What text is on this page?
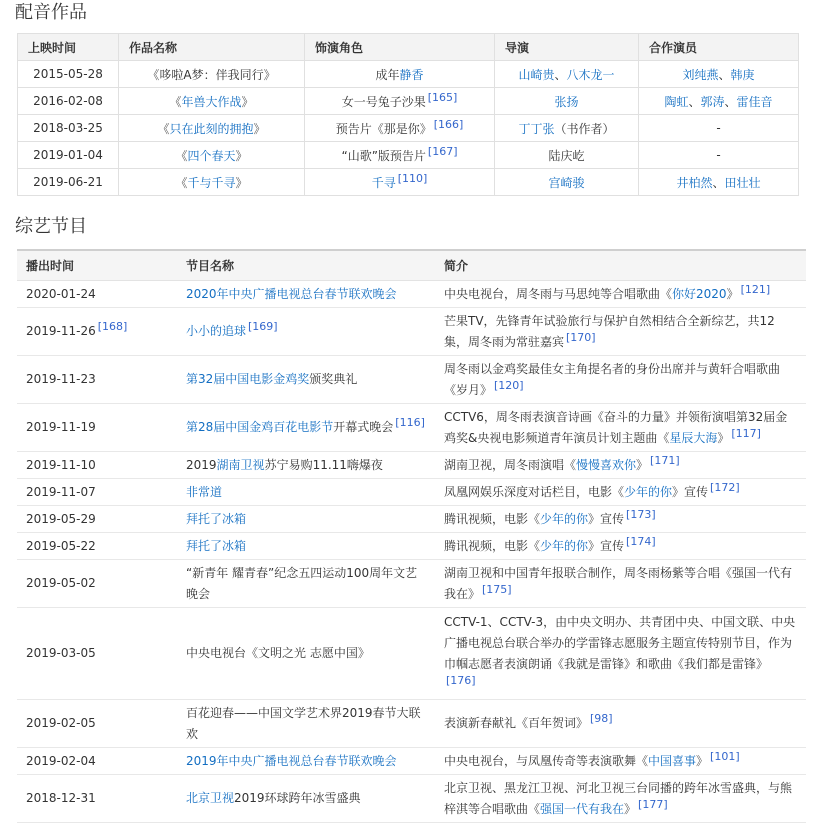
配音作品
上映时间	作品名称	饰演角色	导演	合作演员
2015-05-28	《哆啦A梦：伴我同行》	成年静香	山崎贵、八木龙一	刘纯燕、韩庚
2016-02-08	《年兽大作战》	女一号兔子沙果 [165]	张扬	陶虹、郭涛、雷佳音
2018-03-25	《只在此刻的拥抱》	预告片《那是你》 [166]	丁丁张（书作者）	-
2019-01-04	《四个春天》	“山歌”版预告片 [167]	陆庆屹	-
2019-06-21	《千与千寻》	千寻 [110]	宫崎骏	井柏然、田壮壮
综艺节目
播出时间	节目名称	简介
2020-01-24	2020年中央广播电视总台春节联欢晚会	中央电视台，周冬雨与马思纯等合唱歌曲《你好2020》 [121]
2019-11-26 [168]	小小的追球 [169]	芒果TV，先锋青年试验旅行与保护自然相结合全新综艺，共12集，周冬雨为常驻嘉宾 [170]
2019-11-23	第32届中国电影金鸡奖颁奖典礼	周冬雨以金鸡奖最佳女主角提名者的身份出席并与黄轩合唱歌曲《岁月》 [120]
2019-11-19	第28届中国金鸡百花电影节开幕式晚会 [116]	CCTV6，周冬雨表演音诗画《奋斗的力量》并领衔演唱第32届金鸡奖&央视电影频道青年演员计划主题曲《星辰大海》 [117]
2019-11-10	2019湖南卫视苏宁易购11.11嗨爆夜	湖南卫视，周冬雨演唱《慢慢喜欢你》 [171]
2019-11-07	非常道	凤凰网娱乐深度对话栏目，电影《少年的你》宣传 [172]
2019-05-29	拜托了冰箱	腾讯视频，电影《少年的你》宣传 [173]
2019-05-22	拜托了冰箱	腾讯视频，电影《少年的你》宣传 [174]
2019-05-02	“新青年 耀青春”纪念五四运动100周年文艺晚会	湖南卫视和中国青年报联合制作，周冬雨杨紫等合唱《强国一代有我在》 [175]
2019-03-05	中央电视台《文明之光 志愿中国》	CCTV-1、CCTV-3，由中央文明办、共青团中央、中国文联、中央广播电视总台联合举办的学雷锋志愿服务主题宣传特别节目，作为巾帼志愿者表演朗诵《我就是雷锋》和歌曲《我们都是雷锋》[176]
2019-02-05	百花迎春——中国文学艺术界2019春节大联欢	表演新春献礼《百年贺词》 [98]
2019-02-04	2019年中央广播电视总台春节联欢晚会	中央电视台，与凤凰传奇等表演歌舞《中国喜事》 [101]
2018-12-31	北京卫视2019环球跨年冰雪盛典	北京卫视、黑龙江卫视、河北卫视三台同播的跨年冰雪盛典，与熊梓淇等合唱歌曲《强国一代有我在》 [177]
